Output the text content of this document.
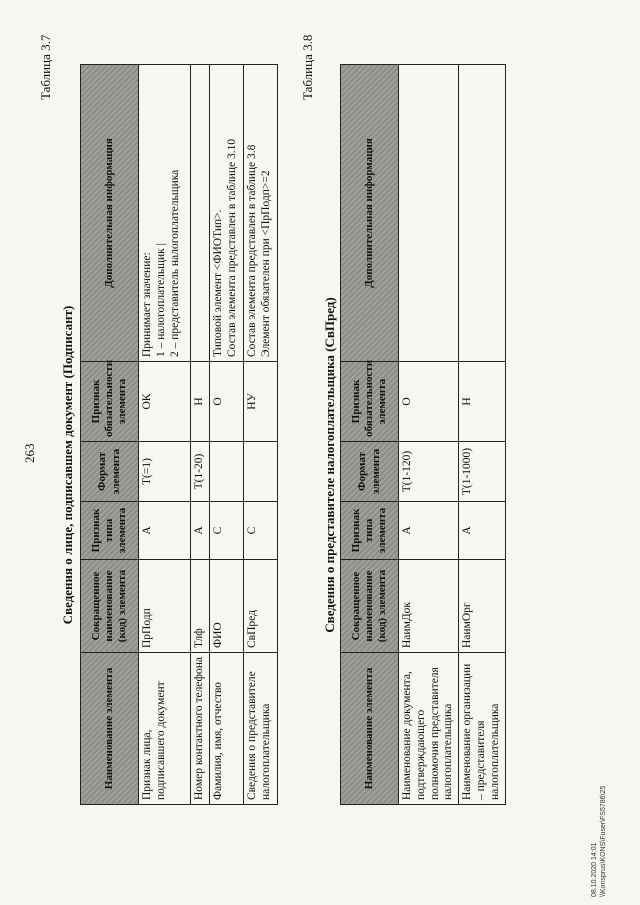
263
Таблица 3.7
Сведения о лице, подписавшем документ (Подписант)
Наименование элемента	Сокращенное наименование (код) элемента	Признак типа элемента	Формат элемента	Признак обязательности элемента	Дополнительная информация
Признак лица, подписавшего документ	ПрПодп	А	Т(=1)	ОК	Принимает значение: 1 – налогоплательщик | 2 – представитель налогоплательщика

Номер контактного телефона	Тлф	А	Т(1-20)	Н	

Фамилия, имя, отчество	ФИО	С		О	Типовой элемент <ФИОТип>. Состав элемента представлен в таблице 3.10

Сведения о представителе налогоплательщика	СвПред	С		НУ	Состав элемента представлен в таблице 3.8 Элемент обязателен при <ПрПодп>=2
Таблица 3.8
Сведения о представителе налогоплательщика (СвПред)
Наименование элемента	Сокращенное наименование (код) элемента	Признак типа элемента	Формат элемента	Признак обязательности элемента	Дополнительная информация
Наименование документа, подтверждающего полномочия представителя налогоплательщика	НаимДок	А	Т(1-120)	О	

Наименование организации – представителя налогоплательщика	НаимОрг	А	Т(1-1000)	Н	
08.10.2020 14:01 \\Konsprus\KONS\Fuser\FS5786\25
